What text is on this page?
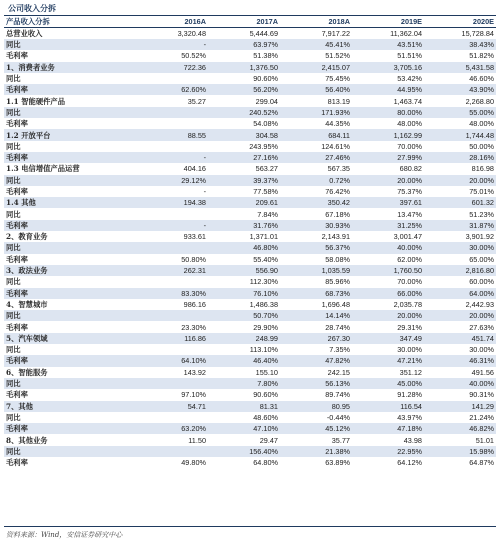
公司收入分拆
产品收入分拆	2016A	2017A	2018A	2019E	2020E
总营业收入	3,320.48	5,444.69	7,917.22	11,362.04	15,728.84
同比	-	63.97%	45.41%	43.51%	38.43%
毛利率	50.52%	51.38%	51.52%	51.51%	51.82%
1、消费者业务	722.36	1,376.50	2,415.07	3,705.16	5,431.58
同比		90.60%	75.45%	53.42%	46.60%
毛利率	62.60%	56.20%	56.40%	44.95%	43.90%
1.1 智能硬件产品	35.27	299.04	813.19	1,463.74	2,268.80
同比		240.52%	171.93%	80.00%	55.00%
毛利率		54.08%	44.35%	48.00%	48.00%
1.2 开放平台	88.55	304.58	684.11	1,162.99	1,744.48
同比		243.95%	124.61%	70.00%	50.00%
毛利率	-	27.16%	27.46%	27.99%	28.16%
1.3 电信增值产品运营	404.16	563.27	567.35	680.82	816.98
同比	29.12%	39.37%	0.72%	20.00%	20.00%
毛利率	-	77.58%	76.42%	75.37%	75.01%
1.4 其他	194.38	209.61	350.42	397.61	601.32
同比		7.84%	67.18%	13.47%	51.23%
毛利率	-	31.76%	30.93%	31.25%	31.87%
2、教育业务	933.61	1,371.01	2,143.91	3,001.47	3,901.92
同比		46.80%	56.37%	40.00%	30.00%
毛利率	50.80%	55.40%	58.08%	62.00%	65.00%
3、政法业务	262.31	556.90	1,035.59	1,760.50	2,816.80
同比		112.30%	85.96%	70.00%	60.00%
毛利率	83.30%	76.10%	68.73%	66.00%	64.00%
4、智慧城市	986.16	1,486.38	1,696.48	2,035.78	2,442.93
同比		50.70%	14.14%	20.00%	20.00%
毛利率	23.30%	29.90%	28.74%	29.31%	27.63%
5、汽车领域	116.86	248.99	267.30	347.49	451.74
同比		113.10%	7.35%	30.00%	30.00%
毛利率	64.10%	46.40%	47.82%	47.21%	46.31%
6、智能服务	143.92	155.10	242.15	351.12	491.56
同比		7.80%	56.13%	45.00%	40.00%
毛利率	97.10%	90.60%	89.74%	91.28%	90.31%
7、其他	54.71	81.31	80.95	116.54	141.29
同比		48.60%	-0.44%	43.97%	21.24%
毛利率	63.20%	47.10%	45.12%	47.18%	46.82%
8、其他业务	11.50	29.47	35.77	43.98	51.01
同比		156.40%	21.38%	22.95%	15.98%
毛利率	49.80%	64.80%	63.89%	64.12%	64.87%
资料来源：Wind，安信证券研究中心
